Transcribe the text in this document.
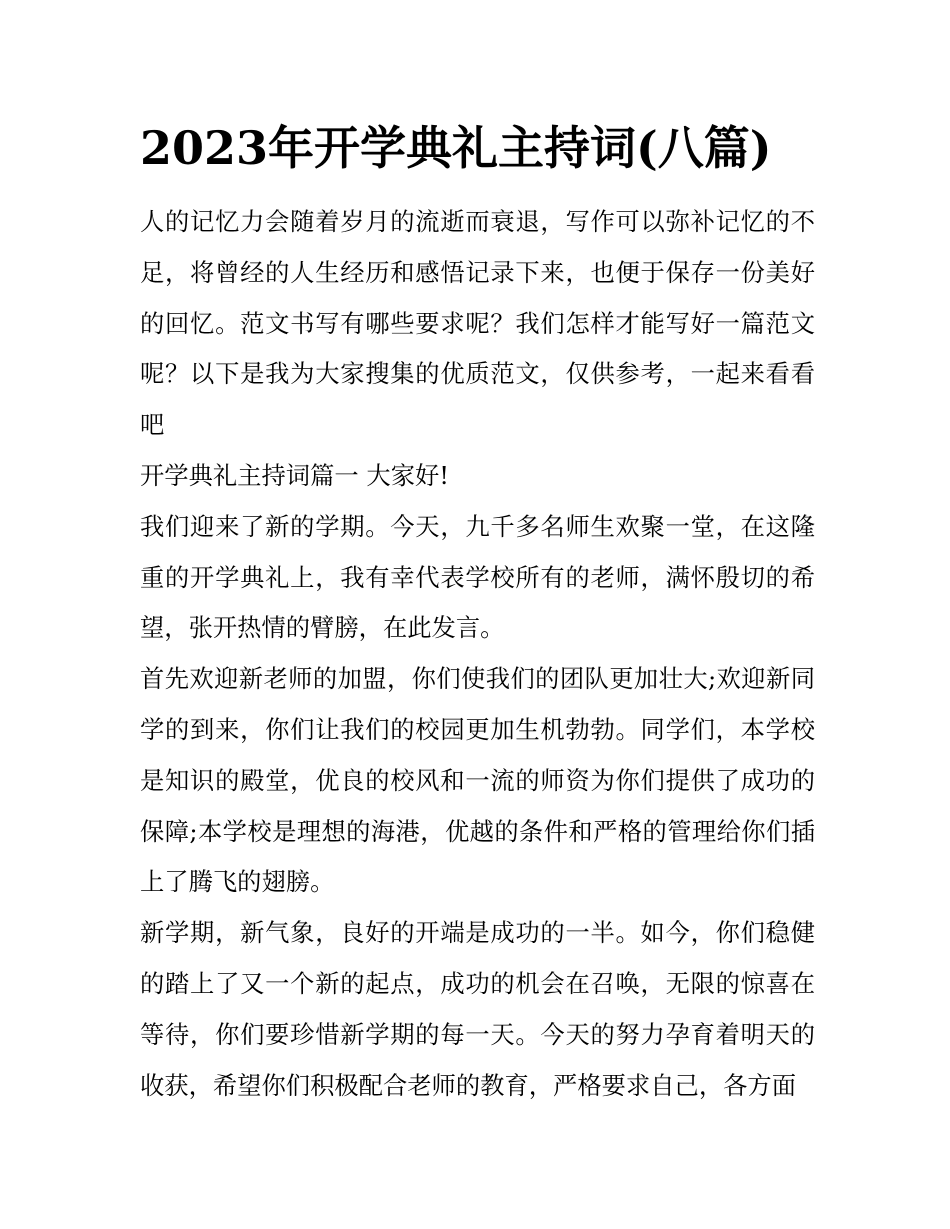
2023年开学典礼主持词(八篇)

人的记忆力会随着岁月的流逝而衰退，写作可以弥补记忆的不足，将曾经的人生经历和感悟记录下来，也便于保存一份美好的回忆。范文书写有哪些要求呢？我们怎样才能写好一篇范文呢？以下是我为大家搜集的优质范文，仅供参考，一起来看看吧

开学典礼主持词篇一 大家好!

我们迎来了新的学期。今天，九千多名师生欢聚一堂，在这隆重的开学典礼上，我有幸代表学校所有的老师，满怀殷切的希望，张开热情的臂膀，在此发言。

首先欢迎新老师的加盟，你们使我们的团队更加壮大;欢迎新同学的到来，你们让我们的校园更加生机勃勃。同学们，本学校是知识的殿堂，优良的校风和一流的师资为你们提供了成功的保障;本学校是理想的海港，优越的条件和严格的管理给你们插上了腾飞的翅膀。

新学期，新气象，良好的开端是成功的一半。如今，你们稳健的踏上了又一个新的起点，成功的机会在召唤，无限的惊喜在等待，你们要珍惜新学期的每一天。今天的努力孕育着明天的收获，希望你们积极配合老师的教育，严格要求自己，各方面
